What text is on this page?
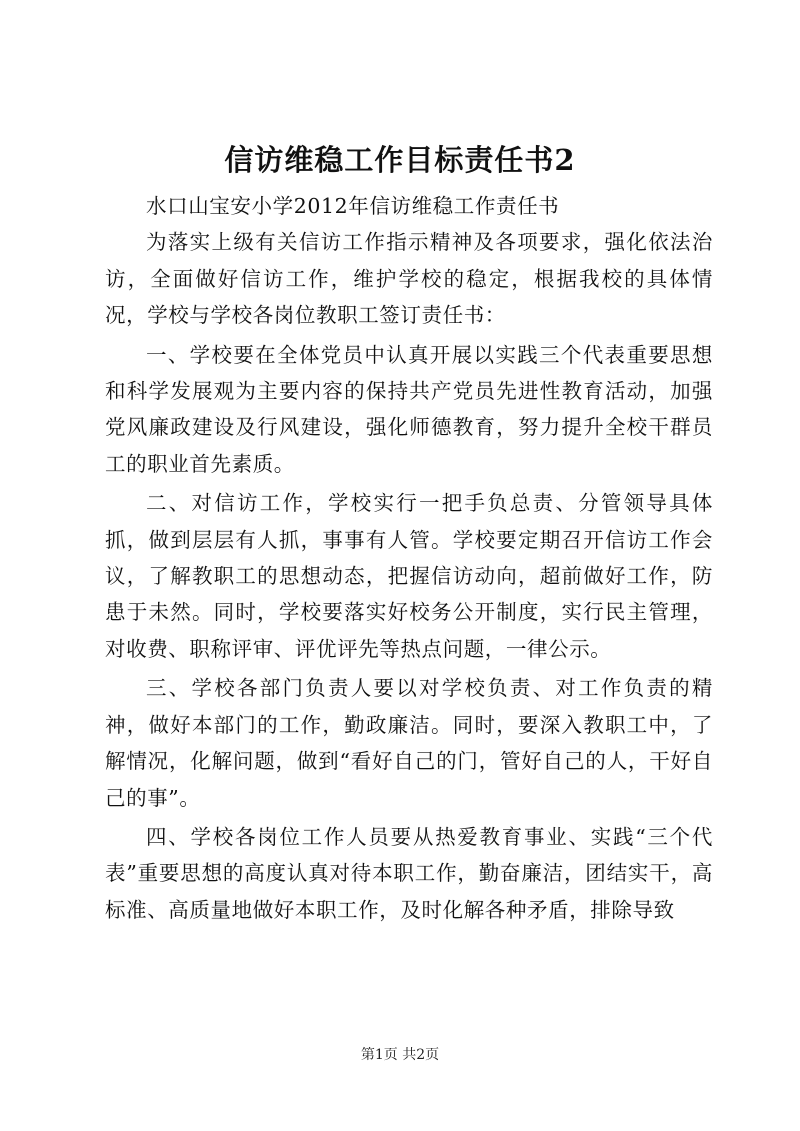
信访维稳工作目标责任书2

水口山宝安小学2012年信访维稳工作责任书

为落实上级有关信访工作指示精神及各项要求，强化依法治访，全面做好信访工作，维护学校的稳定，根据我校的具体情况，学校与学校各岗位教职工签订责任书：

一、学校要在全体党员中认真开展以实践三个代表重要思想和科学发展观为主要内容的保持共产党员先进性教育活动，加强党风廉政建设及行风建设，强化师德教育，努力提升全校干群员工的职业首先素质。

二、对信访工作，学校实行一把手负总责、分管领导具体抓，做到层层有人抓，事事有人管。学校要定期召开信访工作会议，了解教职工的思想动态，把握信访动向，超前做好工作，防患于未然。同时，学校要落实好校务公开制度，实行民主管理，对收费、职称评审、评优评先等热点问题，一律公示。

三、学校各部门负责人要以对学校负责、对工作负责的精神，做好本部门的工作，勤政廉洁。同时，要深入教职工中，了解情况，化解问题，做到“看好自己的门，管好自己的人，干好自己的事”。

四、学校各岗位工作人员要从热爱教育事业、实践“三个代表”重要思想的高度认真对待本职工作，勤奋廉洁，团结实干，高标准、高质量地做好本职工作，及时化解各种矛盾，排除导致

第1页 共2页
